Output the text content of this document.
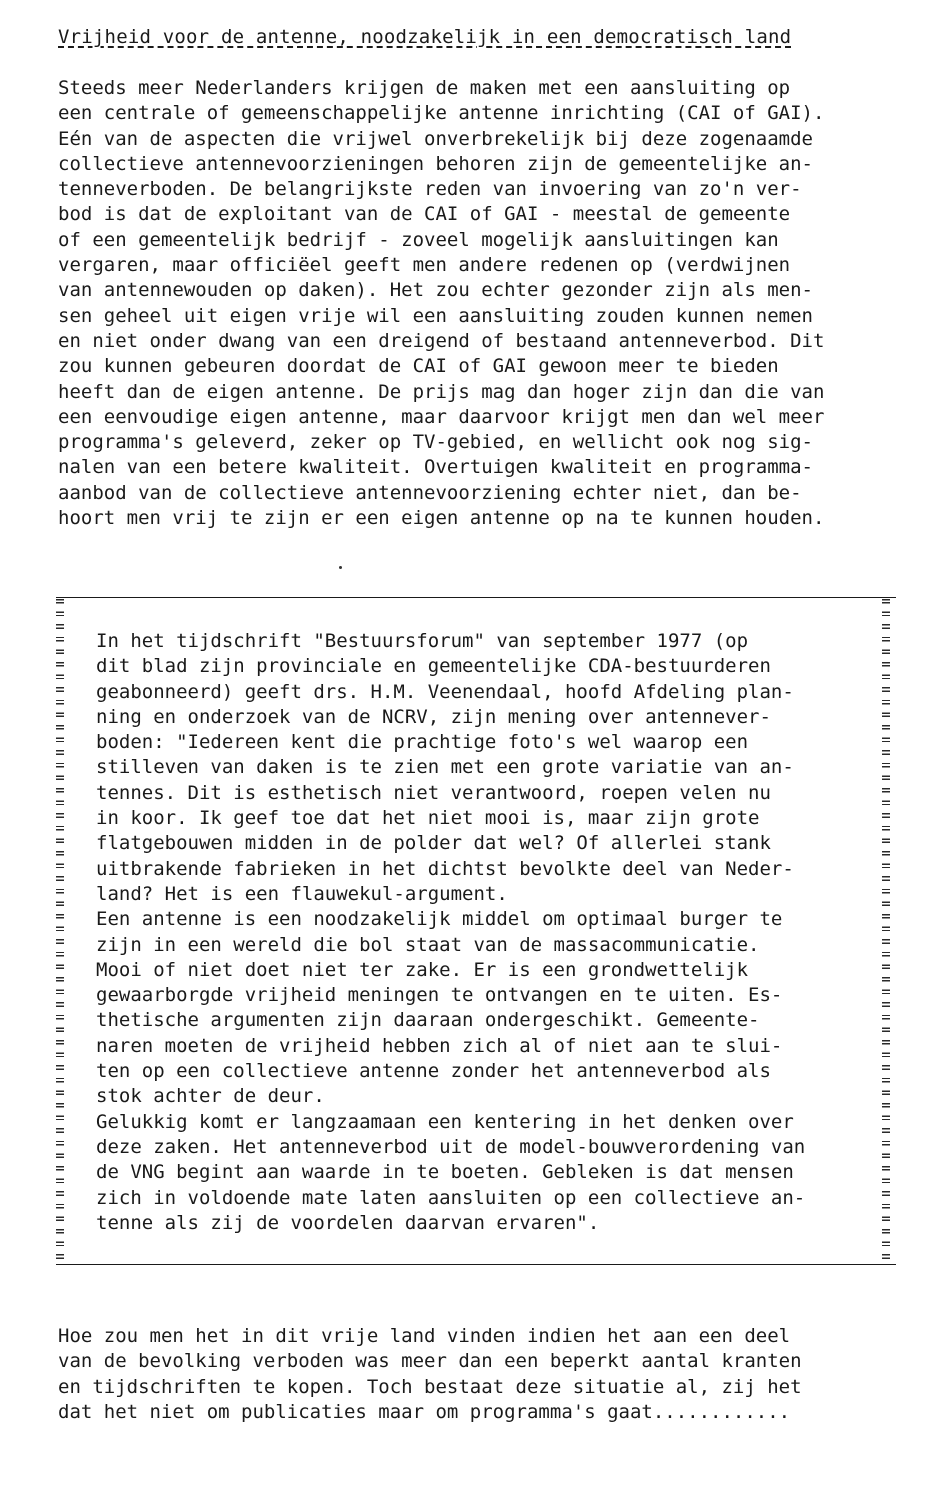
Vrijheid voor de antenne, noodzakelijk in een democratisch land
Steeds meer Nederlanders krijgen de maken met een aansluiting op
een centrale of gemeenschappelijke antenne inrichting (CAI of GAI).
Eén van de aspecten die vrijwel onverbrekelijk bij deze zogenaamde
collectieve antennevoorzieningen behoren zijn de gemeentelijke an-
tenneverboden. De belangrijkste reden van invoering van zo'n ver-
bod is dat de exploitant van de CAI of GAI - meestal de gemeente
of een gemeentelijk bedrijf - zoveel mogelijk aansluitingen kan
vergaren, maar officiëel geeft men andere redenen op (verdwijnen
van antennewouden op daken). Het zou echter gezonder zijn als men-
sen geheel uit eigen vrije wil een aansluiting zouden kunnen nemen
en niet onder dwang van een dreigend of bestaand antenneverbod. Dit
zou kunnen gebeuren doordat de CAI of GAI gewoon meer te bieden
heeft dan de eigen antenne. De prijs mag dan hoger zijn dan die van
een eenvoudige eigen antenne, maar daarvoor krijgt men dan wel meer
programma's geleverd, zeker op TV-gebied, en wellicht ook nog sig-
nalen van een betere kwaliteit. Overtuigen kwaliteit en programma-
aanbod van de collectieve antennevoorziening echter niet, dan be-
hoort men vrij te zijn er een eigen antenne op na te kunnen houden.
In het tijdschrift "Bestuursforum" van september 1977 (op
dit blad zijn provinciale en gemeentelijke CDA-bestuurderen
geabonneerd) geeft drs. H.M. Veenendaal, hoofd Afdeling plan-
ning en onderzoek van de NCRV, zijn mening over antennever-
boden: "Iedereen kent die prachtige foto's wel waarop een
stilleven van daken is te zien met een grote variatie van an-
tennes. Dit is esthetisch niet verantwoord, roepen velen nu
in koor. Ik geef toe dat het niet mooi is, maar zijn grote
flatgebouwen midden in de polder dat wel? Of allerlei stank
uitbrakende fabrieken in het dichtst bevolkte deel van Neder-
land? Het is een flauwekul-argument.
Een antenne is een noodzakelijk middel om optimaal burger te
zijn in een wereld die bol staat van de massacommunicatie.
Mooi of niet doet niet ter zake. Er is een grondwettelijk
gewaarborgde vrijheid meningen te ontvangen en te uiten. Es-
thetische argumenten zijn daaraan ondergeschikt. Gemeente-
naren moeten de vrijheid hebben zich al of niet aan te slui-
ten op een collectieve antenne zonder het antenneverbod als
stok achter de deur.
Gelukkig komt er langzaamaan een kentering in het denken over
deze zaken. Het antenneverbod uit de model-bouwverordening van
de VNG begint aan waarde in te boeten. Gebleken is dat mensen
zich in voldoende mate laten aansluiten op een collectieve an-
tenne als zij de voordelen daarvan ervaren".
Hoe zou men het in dit vrije land vinden indien het aan een deel
van de bevolking verboden was meer dan een beperkt aantal kranten
en tijdschriften te kopen. Toch bestaat deze situatie al, zij het
dat het niet om publicaties maar om programma's gaat............
